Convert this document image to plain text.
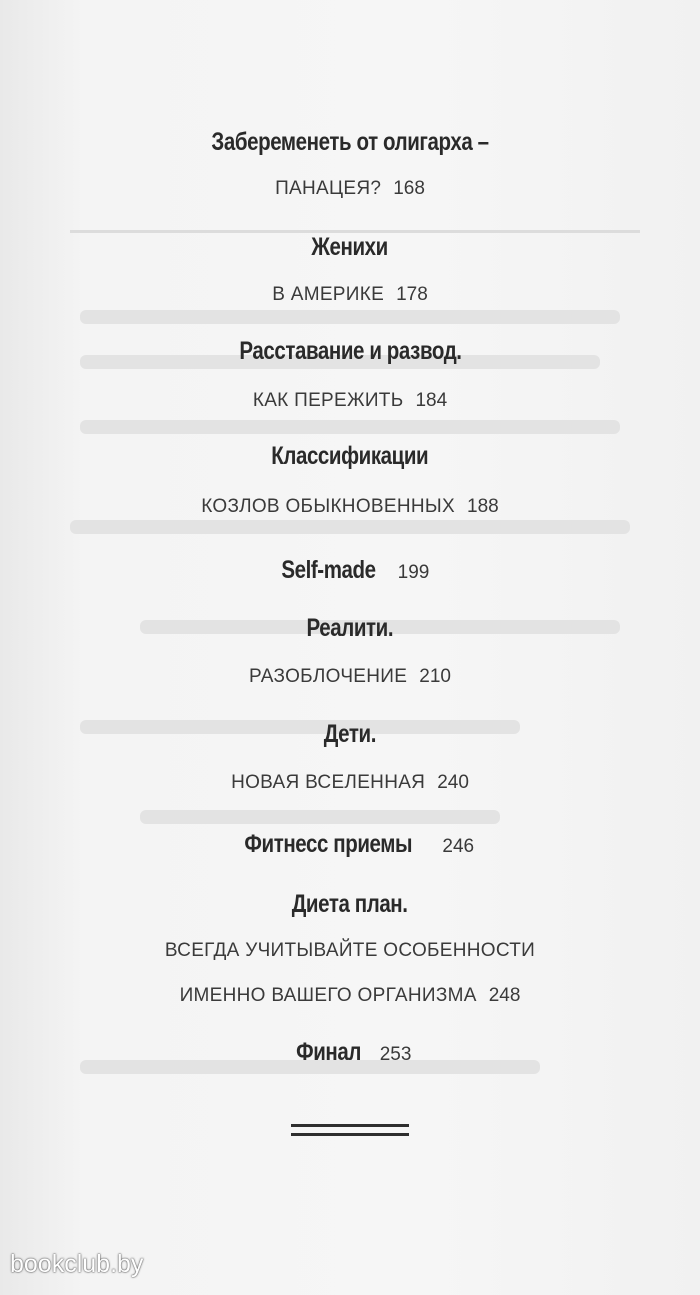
Забеременеть от олигарха –
ПАНАЦЕЯ? 168
Женихи
В АМЕРИКЕ 178
Расставание и развод.
КАК ПЕРЕЖИТЬ 184
Классификации
КОЗЛОВ ОБЫКНОВЕННЫХ 188
Self-made 199
Реалити.
РАЗОБЛОЧЕНИЕ 210
Дети.
НОВАЯ ВСЕЛЕННАЯ 240
Фитнесс приемы 246
Диета план.
ВСЕГДА УЧИТЫВАЙТЕ ОСОБЕННОСТИ
ИМЕННО ВАШЕГО ОРГАНИЗМА 248
Финал 253
bookclub.by
